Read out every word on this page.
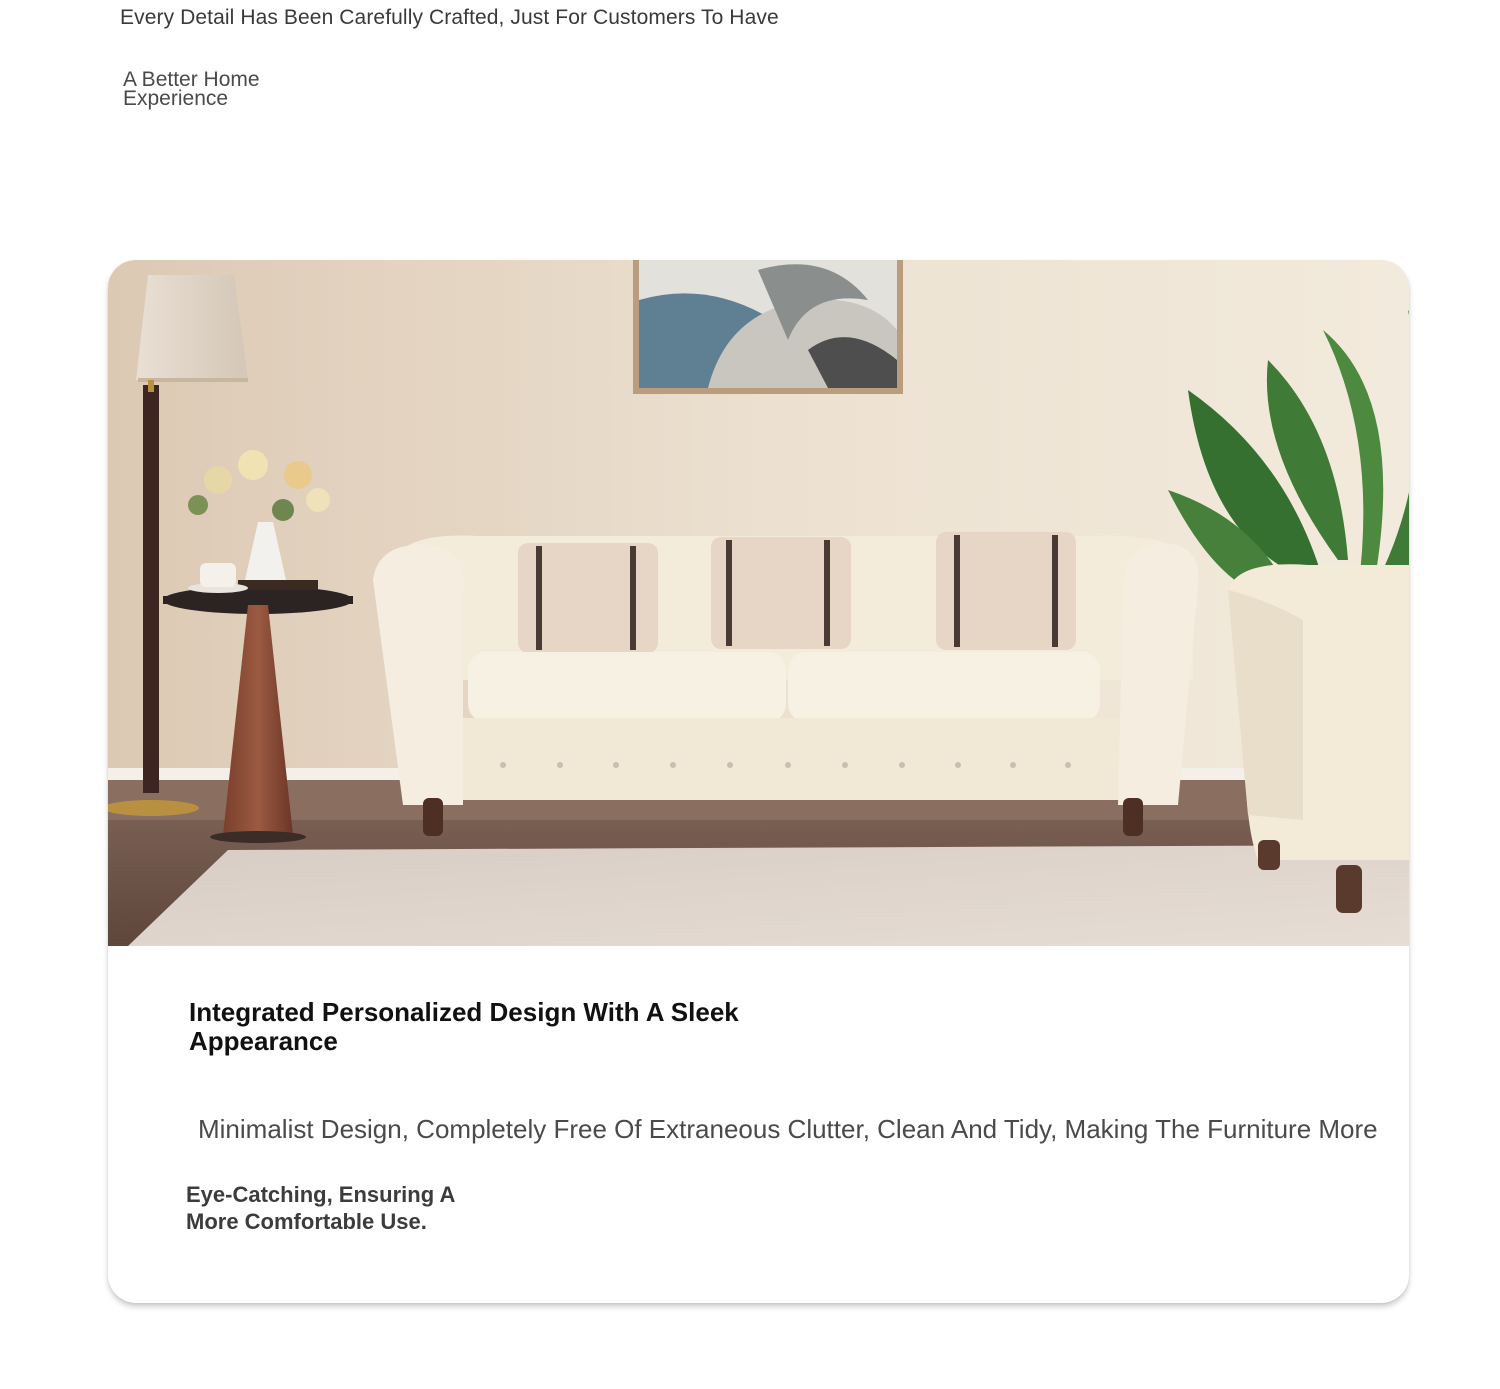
Every Detail Has Been Carefully Crafted, Just For Customers To Have
A Better Home Experience
Integrated Personalized Design With A Sleek Appearance
Minimalist Design, Completely Free Of Extraneous Clutter, Clean And Tidy, Making The Furniture More
Eye-Catching, Ensuring A More Comfortable Use.
